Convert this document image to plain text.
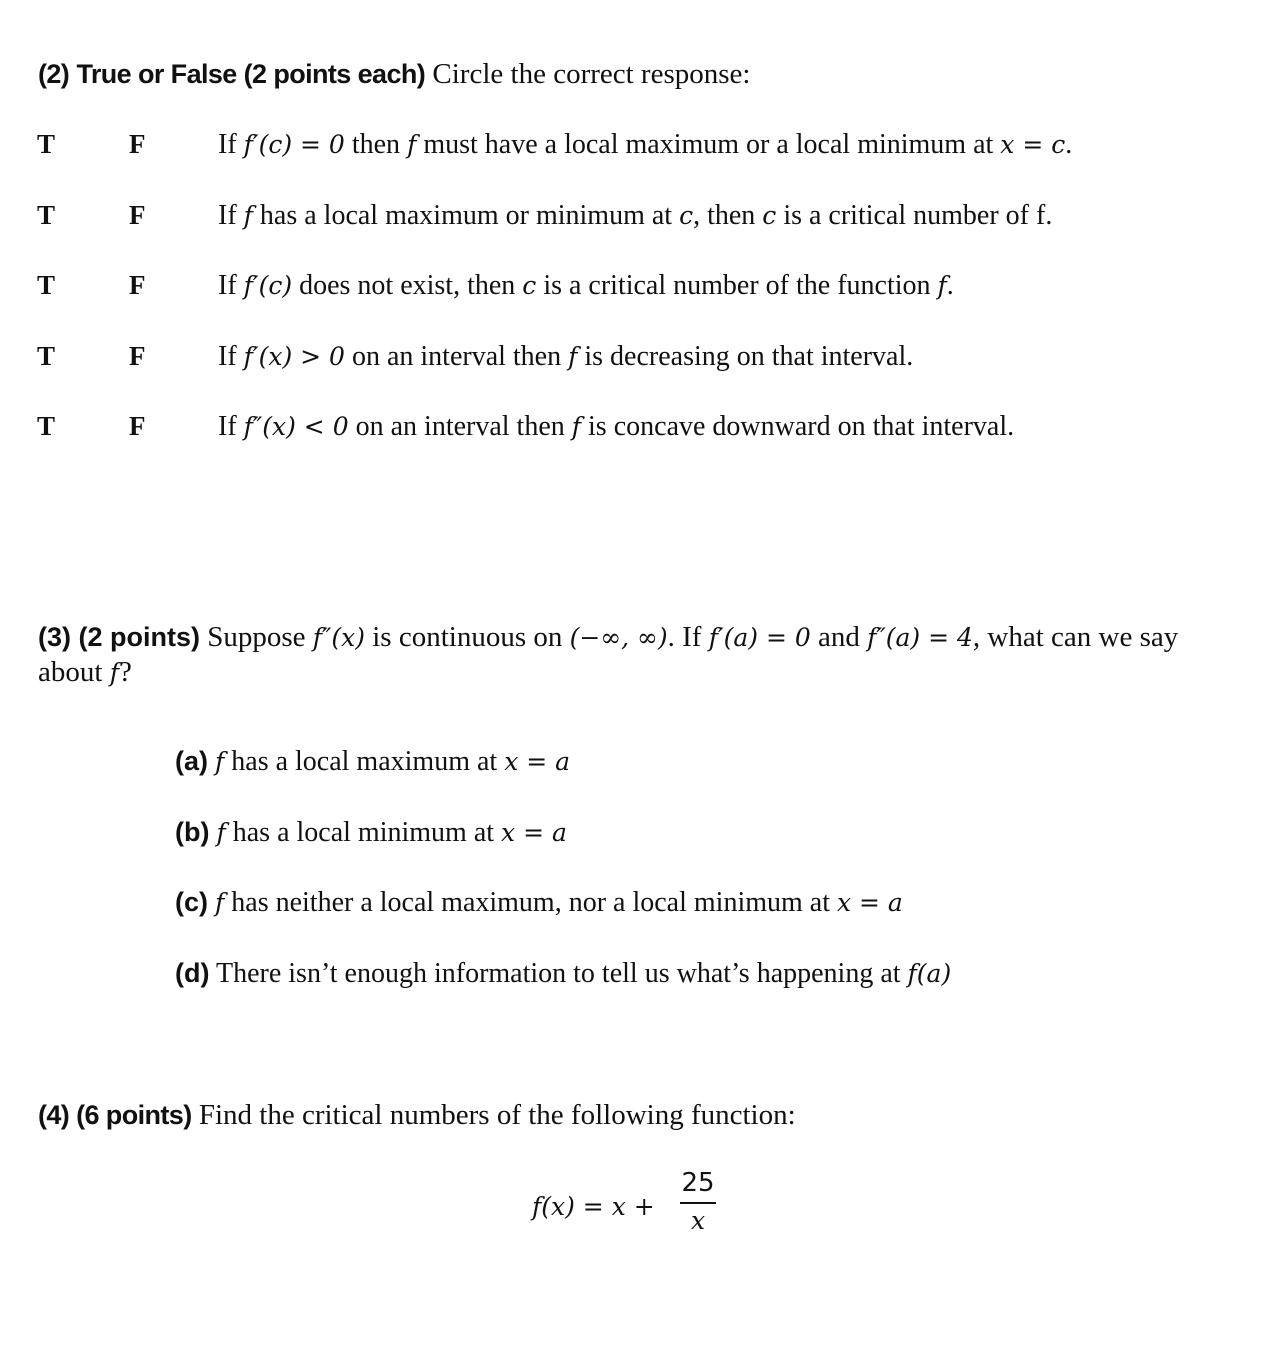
(2) True or False (2 points each) Circle the correct response:
T	F	If f′(c) = 0 then f must have a local maximum or a local minimum at x = c.
T	F	If f has a local maximum or minimum at c, then c is a critical number of f.
T	F	If f′(c) does not exist, then c is a critical number of the function f.
T	F	If f′(x) > 0 on an interval then f is decreasing on that interval.
T	F	If f″(x) < 0 on an interval then f is concave downward on that interval.
(3) (2 points) Suppose f″(x) is continuous on (−∞, ∞). If f′(a) = 0 and f″(a) = 4, what can we say about f?
(a) f has a local maximum at x = a
(b) f has a local minimum at x = a
(c) f has neither a local maximum, nor a local minimum at x = a
(d) There isn’t enough information to tell us what’s happening at f(a)
(4) (6 points) Find the critical numbers of the following function:
f(x) = x +
25
x
